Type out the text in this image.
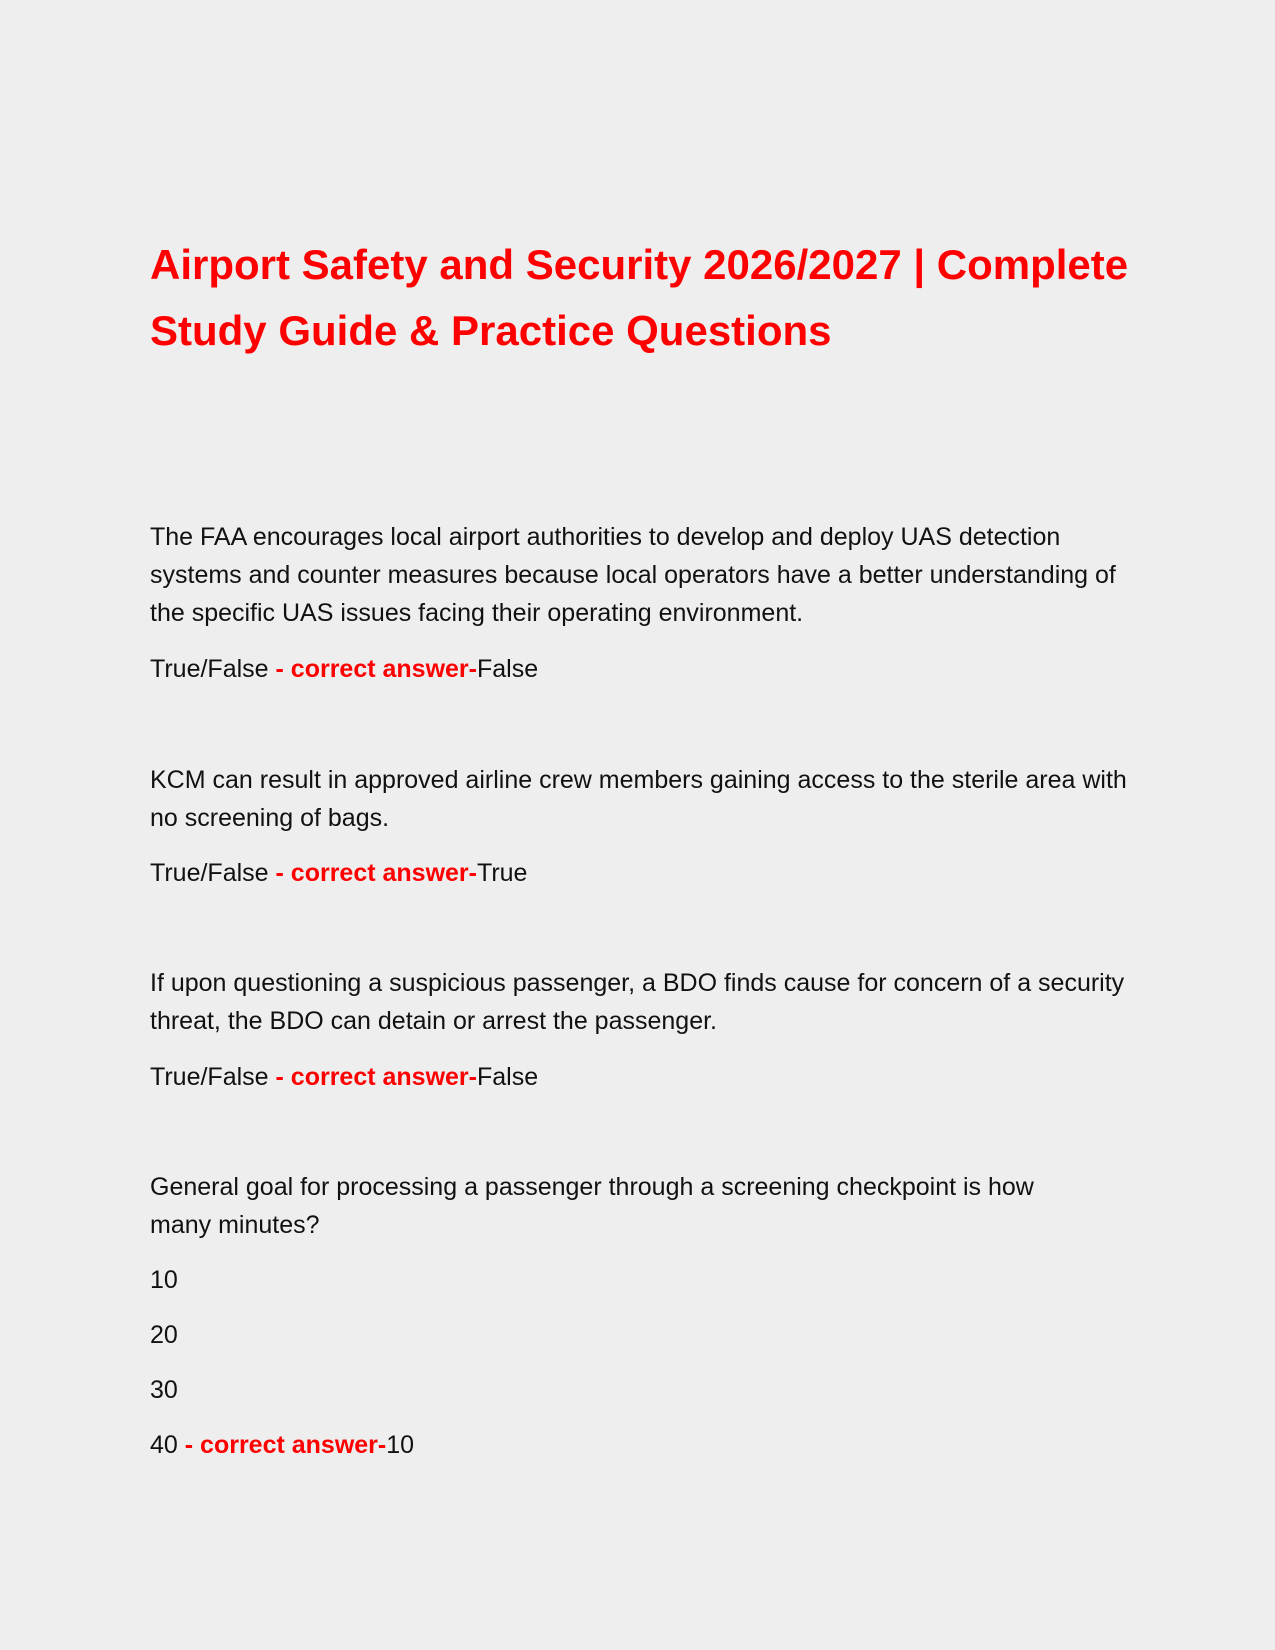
Airport Safety and Security 2026/2027 | Complete Study Guide & Practice Questions

The FAA encourages local airport authorities to develop and deploy UAS detection systems and counter measures because local operators have a better understanding of the specific UAS issues facing their operating environment.

True/False - correct answer-False

KCM can result in approved airline crew members gaining access to the sterile area with no screening of bags.

True/False - correct answer-True

If upon questioning a suspicious passenger, a BDO finds cause for concern of a security threat, the BDO can detain or arrest the passenger.

True/False - correct answer-False

General goal for processing a passenger through a screening checkpoint is how many minutes?

10

20

30

40 - correct answer-10
